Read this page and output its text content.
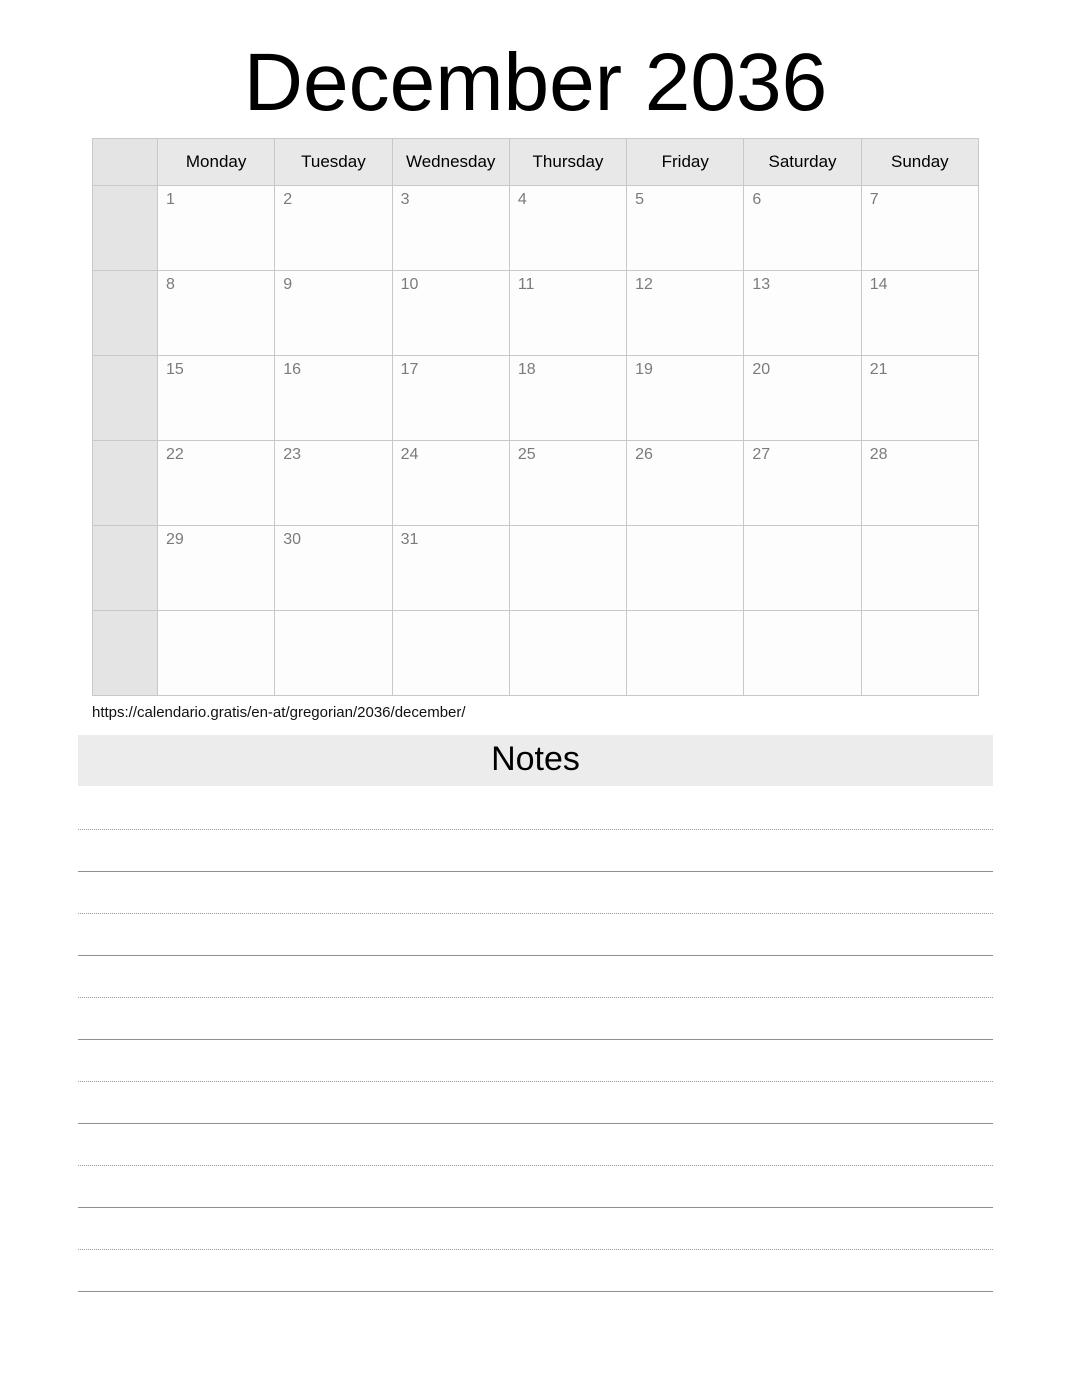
December 2036
	Monday	Tuesday	Wednesday	Thursday	Friday	Saturday	Sunday

	1	2	3	4	5	6	7

	8	9	10	11	12	13	14

	15	16	17	18	19	20	21

	22	23	24	25	26	27	28

	29	30	31				

https://calendario.gratis/en-at/gregorian/2036/december/
Notes
